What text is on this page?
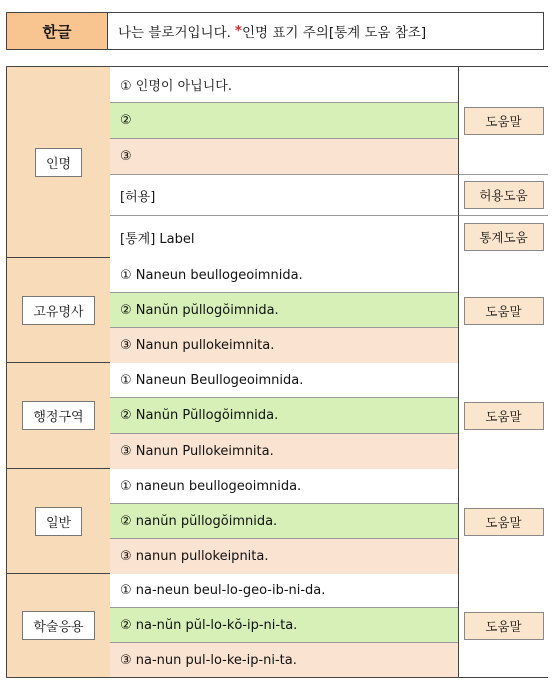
한글	나는 블로거입니다. * 인명 표기 주의[통계 도움 참조]
인명
① 인명이 아닙니다.
②
③
[허용]
[통계] Label
도움말
허용도움
통계도움
고유명사
① Naneun beullogeoimnida.
② Nanŭn pŭllogŏimnida.
③ Nanun pullokeimnita.
도움말
행정구역
① Naneun Beullogeoimnida.
② Nanŭn Pŭllogŏimnida.
③ Nanun Pullokeimnita.
도움말
일반
① naneun beullogeoimnida.
② nanŭn pŭllogŏimnida.
③ nanun pullokeipnita.
도움말
학술응용
① na-neun beul-lo-geo-ib-ni-da.
② na-nŭn pŭl-lo-kŏ-ip-ni-ta.
③ na-nun pul-lo-ke-ip-ni-ta.
도움말
